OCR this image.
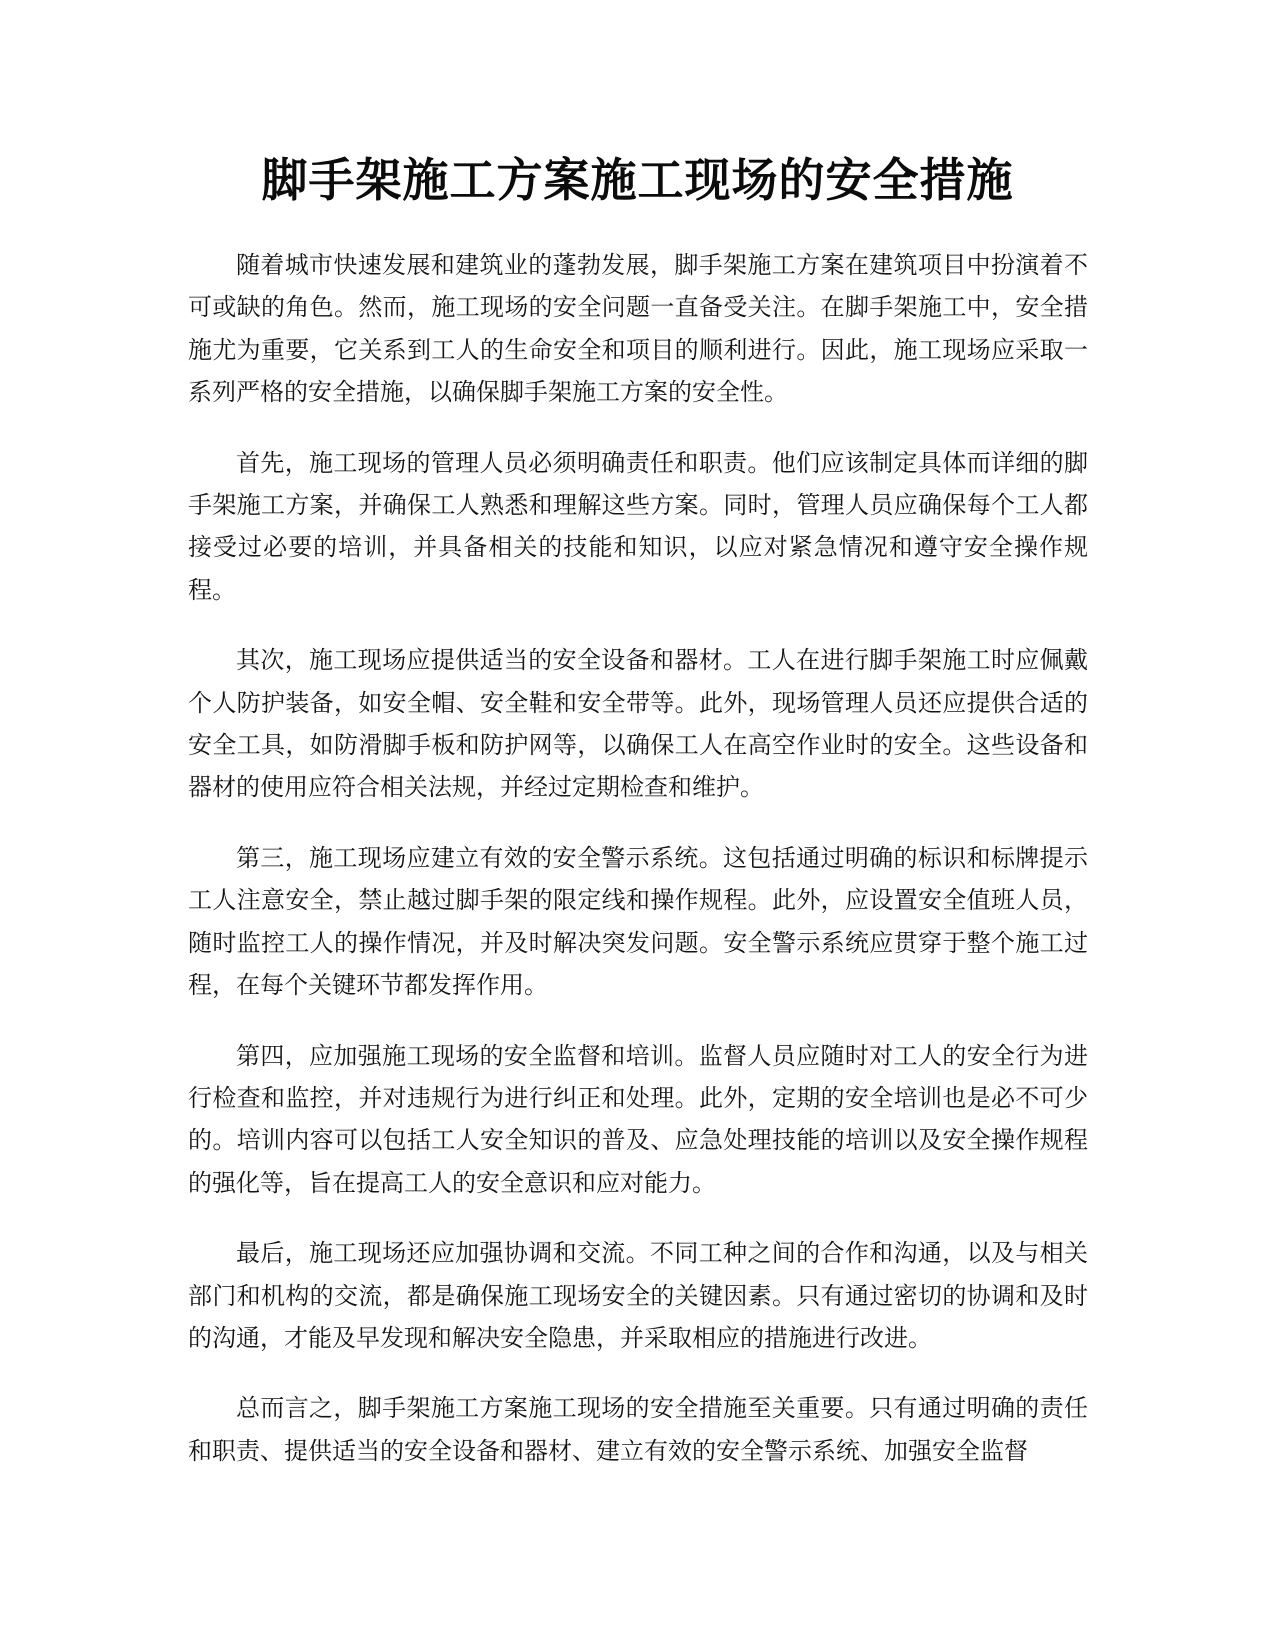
脚手架施工方案施工现场的安全措施

随着城市快速发展和建筑业的蓬勃发展，脚手架施工方案在建筑项目中扮演着不可或缺的角色。然而，施工现场的安全问题一直备受关注。在脚手架施工中，安全措施尤为重要，它关系到工人的生命安全和项目的顺利进行。因此，施工现场应采取一系列严格的安全措施，以确保脚手架施工方案的安全性。

首先，施工现场的管理人员必须明确责任和职责。他们应该制定具体而详细的脚手架施工方案，并确保工人熟悉和理解这些方案。同时，管理人员应确保每个工人都接受过必要的培训，并具备相关的技能和知识，以应对紧急情况和遵守安全操作规程。

其次，施工现场应提供适当的安全设备和器材。工人在进行脚手架施工时应佩戴个人防护装备，如安全帽、安全鞋和安全带等。此外，现场管理人员还应提供合适的安全工具，如防滑脚手板和防护网等，以确保工人在高空作业时的安全。这些设备和器材的使用应符合相关法规，并经过定期检查和维护。

第三，施工现场应建立有效的安全警示系统。这包括通过明确的标识和标牌提示工人注意安全，禁止越过脚手架的限定线和操作规程。此外，应设置安全值班人员，随时监控工人的操作情况，并及时解决突发问题。安全警示系统应贯穿于整个施工过程，在每个关键环节都发挥作用。

第四，应加强施工现场的安全监督和培训。监督人员应随时对工人的安全行为进行检查和监控，并对违规行为进行纠正和处理。此外，定期的安全培训也是必不可少的。培训内容可以包括工人安全知识的普及、应急处理技能的培训以及安全操作规程的强化等，旨在提高工人的安全意识和应对能力。

最后，施工现场还应加强协调和交流。不同工种之间的合作和沟通，以及与相关部门和机构的交流，都是确保施工现场安全的关键因素。只有通过密切的协调和及时的沟通，才能及早发现和解决安全隐患，并采取相应的措施进行改进。

总而言之，脚手架施工方案施工现场的安全措施至关重要。只有通过明确的责任和职责、提供适当的安全设备和器材、建立有效的安全警示系统、加强安全监督
